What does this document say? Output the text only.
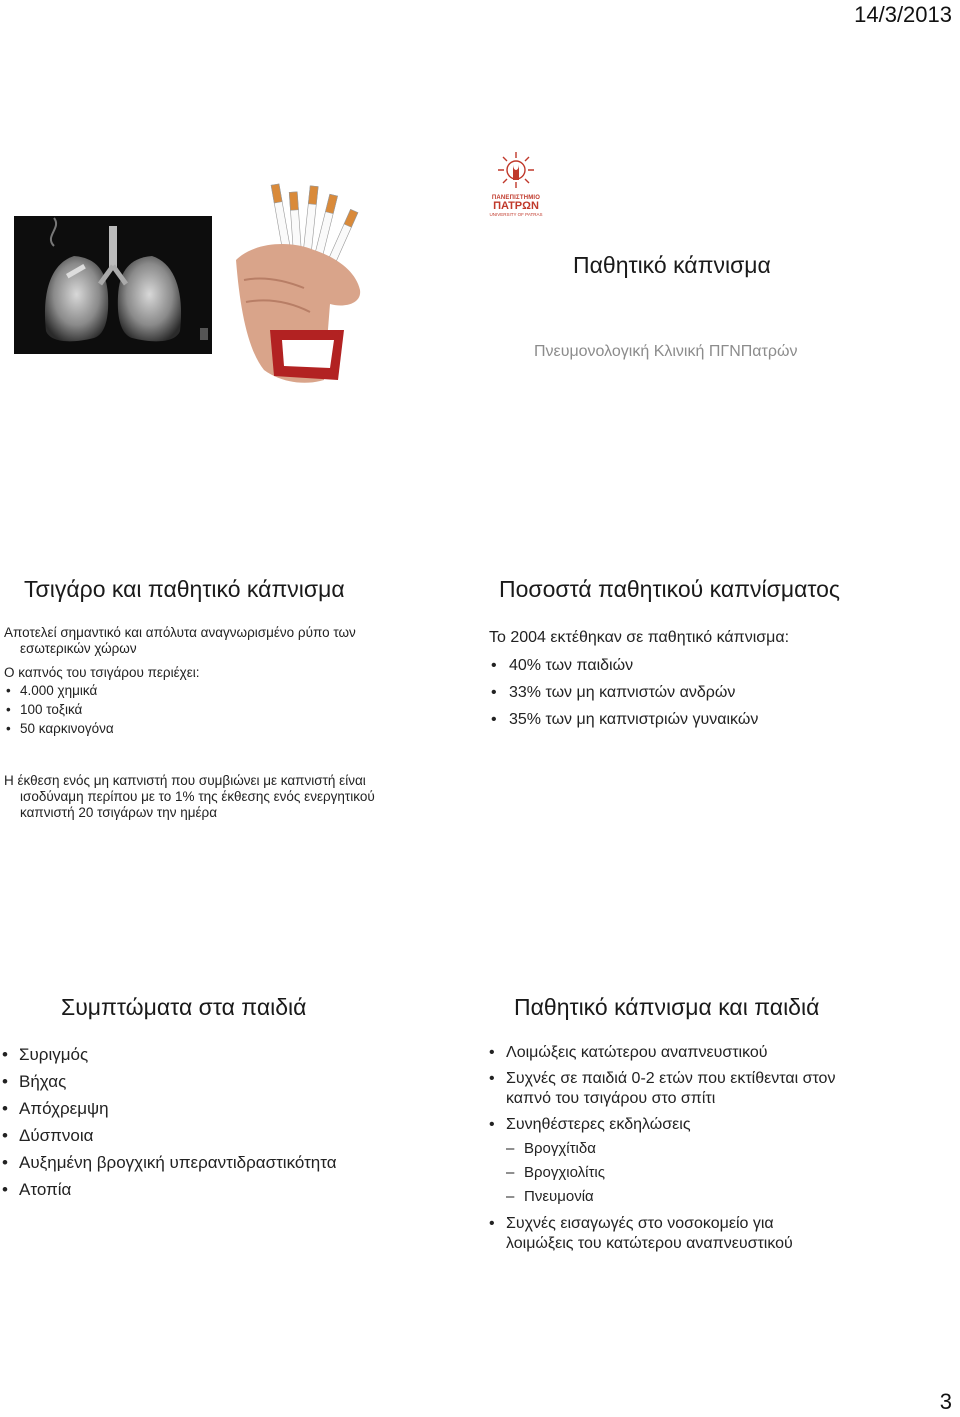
14/3/2013
3
ΠΑΝΕΠΙΣΤΗΜΙΟ
ΠΑΤΡΩΝ
UNIVERSITY OF PATRAS
Παθητικό κάπνισμα
Πνευμονολογική Κλινική ΠΓΝΠατρών
Τσιγάρο και παθητικό κάπνισμα

Αποτελεί σημαντικό και απόλυτα αναγνωρισμένο ρύπο των εσωτερικών χώρων

Ο καπνός του τσιγάρου περιέχει:

• 4.000 χημικά
• 100 τοξικά
• 50 καρκινογόνα
Η έκθεση ενός μη καπνιστή που συμβιώνει με καπνιστή είναι ισοδύναμη περίπου με το 1% της έκθεσης ενός ενεργητικού καπνιστή 20 τσιγάρων την ημέρα
Ποσοστά παθητικού καπνίσματος

Το 2004 εκτέθηκαν σε παθητικό κάπνισμα:

• 40% των παιδιών
• 33% των μη καπνιστών ανδρών
• 35% των μη καπνιστριών γυναικών
Συμπτώματα στα παιδιά
• Συριγμός
• Βήχας
• Απόχρεμψη
• Δύσπνοια
• Αυξημένη βρογχική υπεραντιδραστικότητα
• Ατοπία
Παθητικό κάπνισμα και παιδιά
• Λοιμώξεις κατώτερου αναπνευστικού
• Συχνές σε παιδιά 0-2 ετών που εκτίθενται στον καπνό του τσιγάρου στο σπίτι
• Συνηθέστερες εκδηλώσεις
– Βρογχίτιδα
– Βρογχιολίτις
– Πνευμονία
• Συχνές εισαγωγές στο νοσοκομείο για λοιμώξεις του κατώτερου αναπνευστικού
